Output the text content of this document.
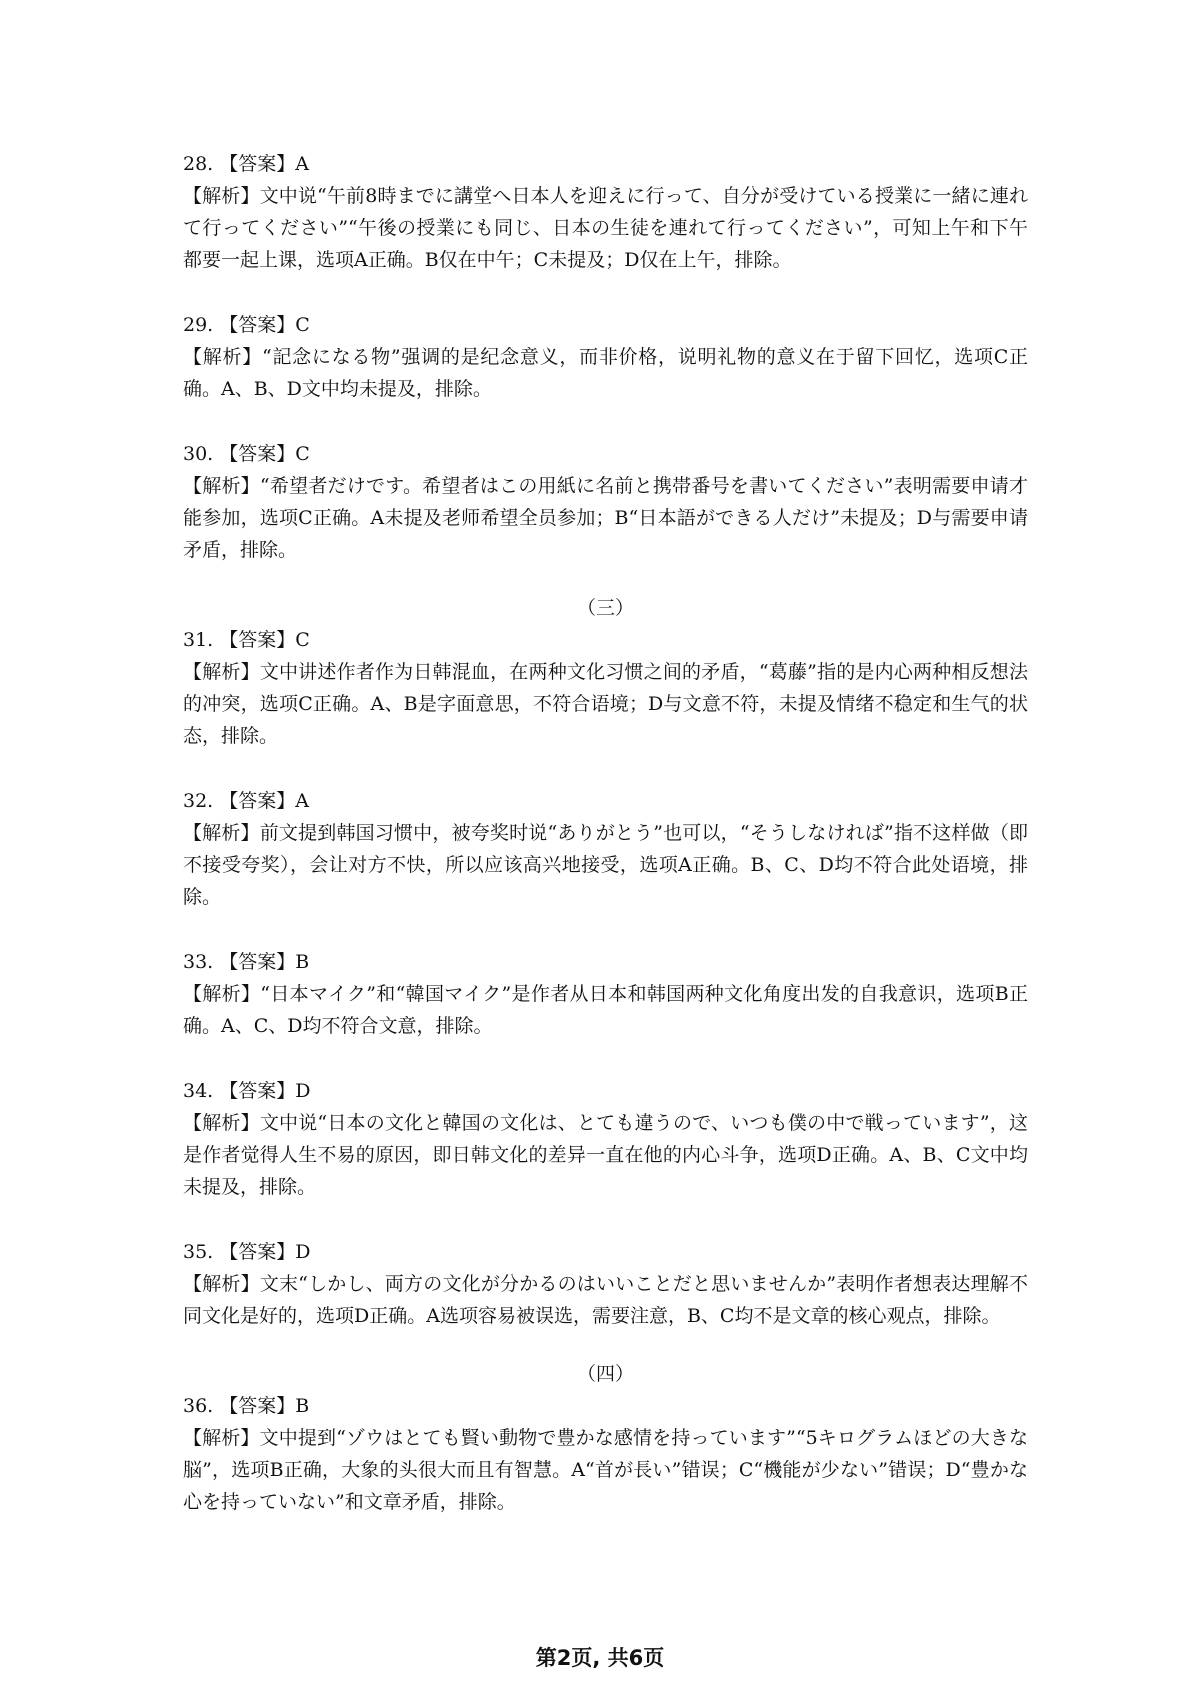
28. 【答案】A

【解析】文中说“午前8時までに講堂へ日本人を迎えに行って、自分が受けている授業に一緒に連れて行ってください”“午後の授業にも同じ、日本の生徒を連れて行ってください”，可知上午和下午都要一起上课，选项A正确。B仅在中午；C未提及；D仅在上午，排除。

29. 【答案】C

【解析】“記念になる物”强调的是纪念意义，而非价格，说明礼物的意义在于留下回忆，选项C正确。A、B、D文中均未提及，排除。

30. 【答案】C

【解析】“希望者だけです。希望者はこの用紙に名前と携帯番号を書いてください”表明需要申请才能参加，选项C正确。A未提及老师希望全员参加；B“日本語ができる人だけ”未提及；D与需要申请矛盾，排除。

（三）

31. 【答案】C

【解析】文中讲述作者作为日韩混血，在两种文化习惯之间的矛盾，“葛藤”指的是内心两种相反想法的冲突，选项C正确。A、B是字面意思，不符合语境；D与文意不符，未提及情绪不稳定和生气的状态，排除。

32. 【答案】A

【解析】前文提到韩国习惯中，被夸奖时说“ありがとう”也可以，“そうしなければ”指不这样做（即不接受夸奖），会让对方不快，所以应该高兴地接受，选项A正确。B、C、D均不符合此处语境，排除。

33. 【答案】B

【解析】“日本マイク”和“韓国マイク”是作者从日本和韩国两种文化角度出发的自我意识，选项B正确。A、C、D均不符合文意，排除。

34. 【答案】D

【解析】文中说“日本の文化と韓国の文化は、とても違うので、いつも僕の中で戦っています”，这是作者觉得人生不易的原因，即日韩文化的差异一直在他的内心斗争，选项D正确。A、B、C文中均未提及，排除。

35. 【答案】D

【解析】文末“しかし、両方の文化が分かるのはいいことだと思いませんか”表明作者想表达理解不同文化是好的，选项D正确。A选项容易被误选，需要注意，B、C均不是文章的核心观点，排除。

（四）

36. 【答案】B

【解析】文中提到“ゾウはとても賢い動物で豊かな感情を持っています”“5キログラムほどの大きな脳”，选项B正确，大象的头很大而且有智慧。A“首が長い”错误；C“機能が少ない”错误；D“豊かな心を持っていない”和文章矛盾，排除。

第2页, 共6页
